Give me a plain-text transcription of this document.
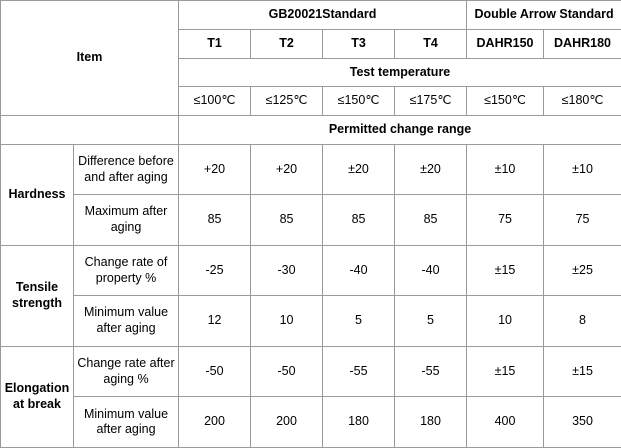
Item		GB20021Standard				Double Arrow Standard	
		T1	T2	T3	T4	DAHR150	DAHR180
		Test temperature					
		≤100℃	≤125℃	≤150℃	≤175℃	≤150℃	≤180℃
		Permitted change range					
Hardness	Difference before and after aging	+20	+20	±20	±20	±10	±10
	Maximum after aging	85	85	85	85	75	75
Tensile strength	Change rate of property %	-25	-30	-40	-40	±15	±25
	Minimum value after aging	12	10	5	5	10	8
Elongation at break	Change rate after aging %	-50	-50	-55	-55	±15	±15
	Minimum value after aging	200	200	180	180	400	350
